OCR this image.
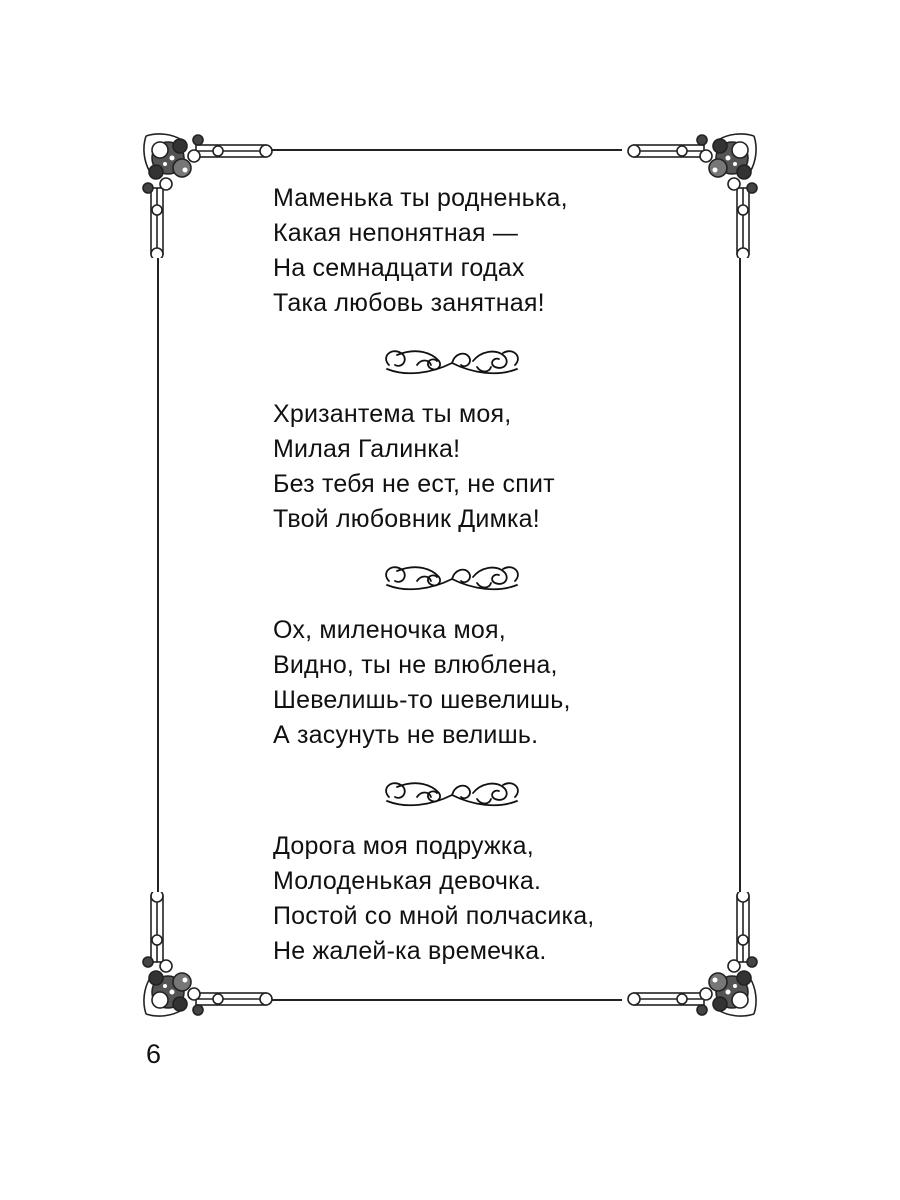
Маменька ты родненька,
Какая непонятная —
На семнадцати годах
Така любовь занятная!
Хризантема ты моя,
Милая Галинка!
Без тебя не ест, не спит
Твой любовник Димка!
Ох, миленочка моя,
Видно, ты не влюблена,
Шевелишь-то шевелишь,
А засунуть не велишь.
Дорога моя подружка,
Молоденькая девочка.
Постой со мной полчасика,
Не жалей-ка времечка.
6
